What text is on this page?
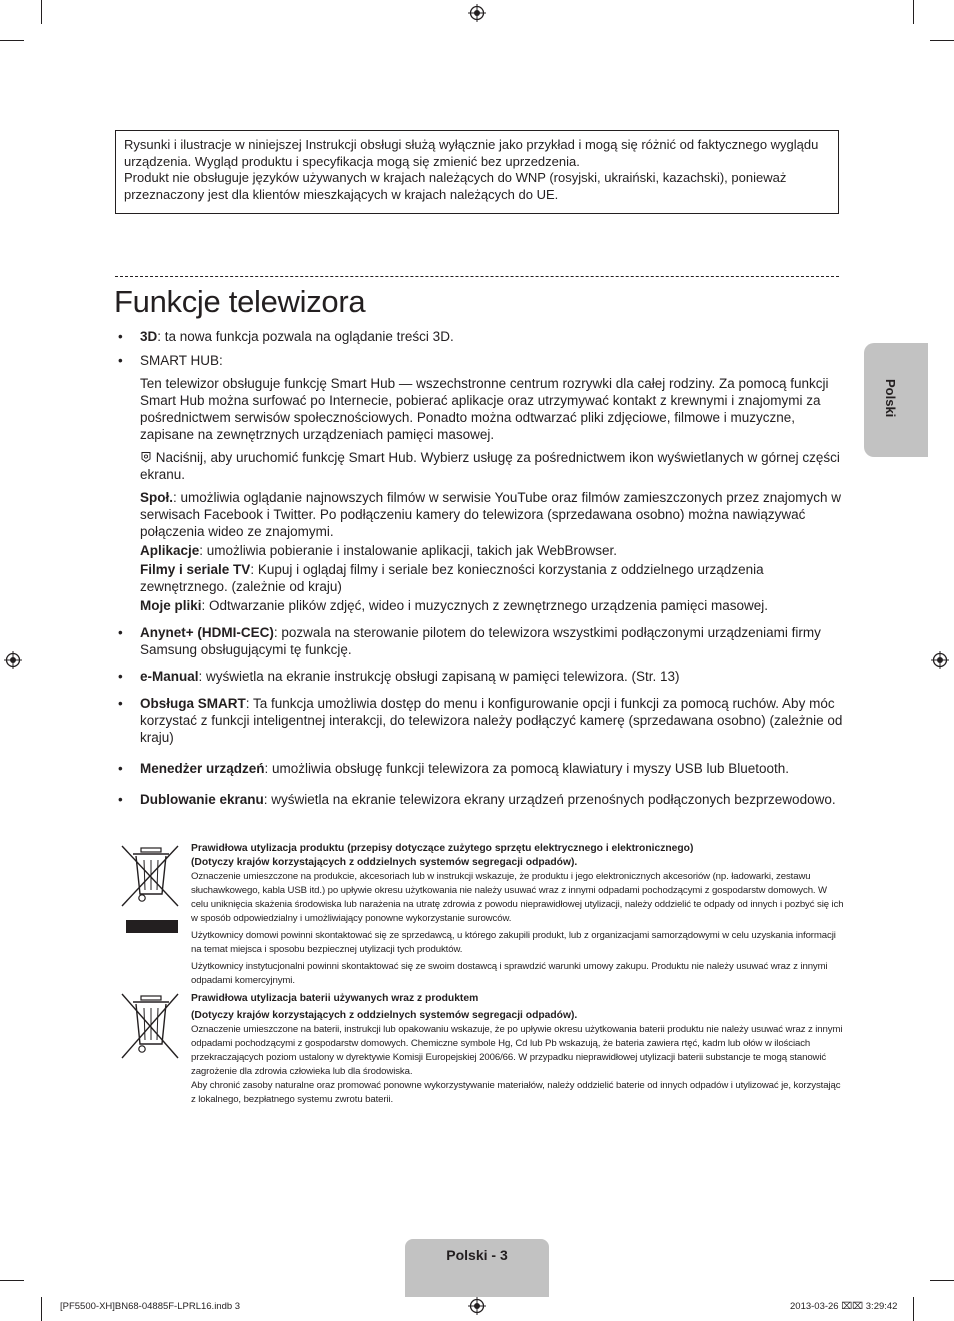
Rysunki i ilustracje w niniejszej Instrukcji obsługi służą wyłącznie jako przykład i mogą się różnić od faktycznego wyglądu urządzenia. Wygląd produktu i specyfikacja mogą się zmienić bez uprzedzenia.

Produkt nie obsługuje języków używanych w krajach należących do WNP (rosyjski, ukraiński, kazachski), ponieważ przeznaczony jest dla klientów mieszkających w krajach należących do UE.

Funkcje telewizora
Polski
• 3D: ta nowa funkcja pozwala na oglądanie treści 3D.

• SMART HUB:

Ten telewizor obsługuje funkcję Smart Hub — wszechstronne centrum rozrywki dla całej rodziny. Za pomocą funkcji Smart Hub można surfować po Internecie, pobierać aplikacje oraz utrzymywać kontakt z krewnymi i znajomymi za pośrednictwem serwisów społecznościowych. Ponadto można odtwarzać pliki zdjęciowe, filmowe i muzyczne, zapisane na zewnętrznych urządzeniach pamięci masowej.

Naciśnij, aby uruchomić funkcję Smart Hub. Wybierz usługę za pośrednictwem ikon wyświetlanych w górnej części ekranu.

Społ.: umożliwia oglądanie najnowszych filmów w serwisie YouTube oraz filmów zamieszczonych przez znajomych w serwisach Facebook i Twitter. Po podłączeniu kamery do telewizora (sprzedawana osobno) można nawiązywać połączenia wideo ze znajomymi.

Aplikacje: umożliwia pobieranie i instalowanie aplikacji, takich jak WebBrowser.

Filmy i seriale TV: Kupuj i oglądaj filmy i seriale bez konieczności korzystania z oddzielnego urządzenia zewnętrznego. (zależnie od kraju)

Moje pliki: Odtwarzanie plików zdjęć, wideo i muzycznych z zewnętrznego urządzenia pamięci masowej.

• Anynet+ (HDMI-CEC): pozwala na sterowanie pilotem do telewizora wszystkimi podłączonymi urządzeniami firmy Samsung obsługującymi tę funkcję.

• e-Manual: wyświetla na ekranie instrukcję obsługi zapisaną w pamięci telewizora. (Str. 13)

• Obsługa SMART: Ta funkcja umożliwia dostęp do menu i konfigurowanie opcji i funkcji za pomocą ruchów. Aby móc korzystać z funkcji inteligentnej interakcji, do telewizora należy podłączyć kamerę (sprzedawana osobno) (zależnie od kraju)

• Menedżer urządzeń: umożliwia obsługę funkcji telewizora za pomocą klawiatury i myszy USB lub Bluetooth.

• Dublowanie ekranu: wyświetla na ekranie telewizora ekrany urządzeń przenośnych podłączonych bezprzewodowo.

Prawidłowa utylizacja produktu (przepisy dotyczące zużytego sprzętu elektrycznego i elektronicznego)

(Dotyczy krajów korzystających z oddzielnych systemów segregacji odpadów).

Oznaczenie umieszczone na produkcie, akcesoriach lub w instrukcji wskazuje, że produktu i jego elektronicznych akcesoriów (np. ładowarki, zestawu słuchawkowego, kabla USB itd.) po upływie okresu użytkowania nie należy usuwać wraz z innymi odpadami pochodzącymi z gospodarstw domowych. W celu uniknięcia skażenia środowiska lub narażenia na utratę zdrowia z powodu nieprawidłowej utylizacji, należy oddzielić te odpady od innych i pozbyć się ich w sposób odpowiedzialny i umożliwiający ponowne wykorzystanie surowców.

Użytkownicy domowi powinni skontaktować się ze sprzedawcą, u którego zakupili produkt, lub z organizacjami samorządowymi w celu uzyskania informacji na temat miejsca i sposobu bezpiecznej utylizacji tych produktów.

Użytkownicy instytucjonalni powinni skontaktować się ze swoim dostawcą i sprawdzić warunki umowy zakupu. Produktu nie należy usuwać wraz z innymi odpadami komercyjnymi.

Prawidłowa utylizacja baterii używanych wraz z produktem

(Dotyczy krajów korzystających z oddzielnych systemów segregacji odpadów).

Oznaczenie umieszczone na baterii, instrukcji lub opakowaniu wskazuje, że po upływie okresu użytkowania baterii produktu nie należy usuwać wraz z innymi odpadami pochodzącymi z gospodarstw domowych. Chemiczne symbole Hg, Cd lub Pb wskazują, że bateria zawiera rtęć, kadm lub ołów w ilościach przekraczających poziom ustalony w dyrektywie Komisji Europejskiej 2006/66. W przypadku nieprawidłowej utylizacji baterii substancje te mogą stanowić zagrożenie dla zdrowia człowieka lub dla środowiska.

Aby chronić zasoby naturalne oraz promować ponowne wykorzystywanie materiałów, należy oddzielić baterie od innych odpadów i utylizować je, korzystając z lokalnego, bezpłatnego systemu zwrotu baterii.

Polski - 3
[PF5500-XH]BN68-04885F-LPRL16.indb 3	2013-03-26 ⌧⌧ 3:29:42
